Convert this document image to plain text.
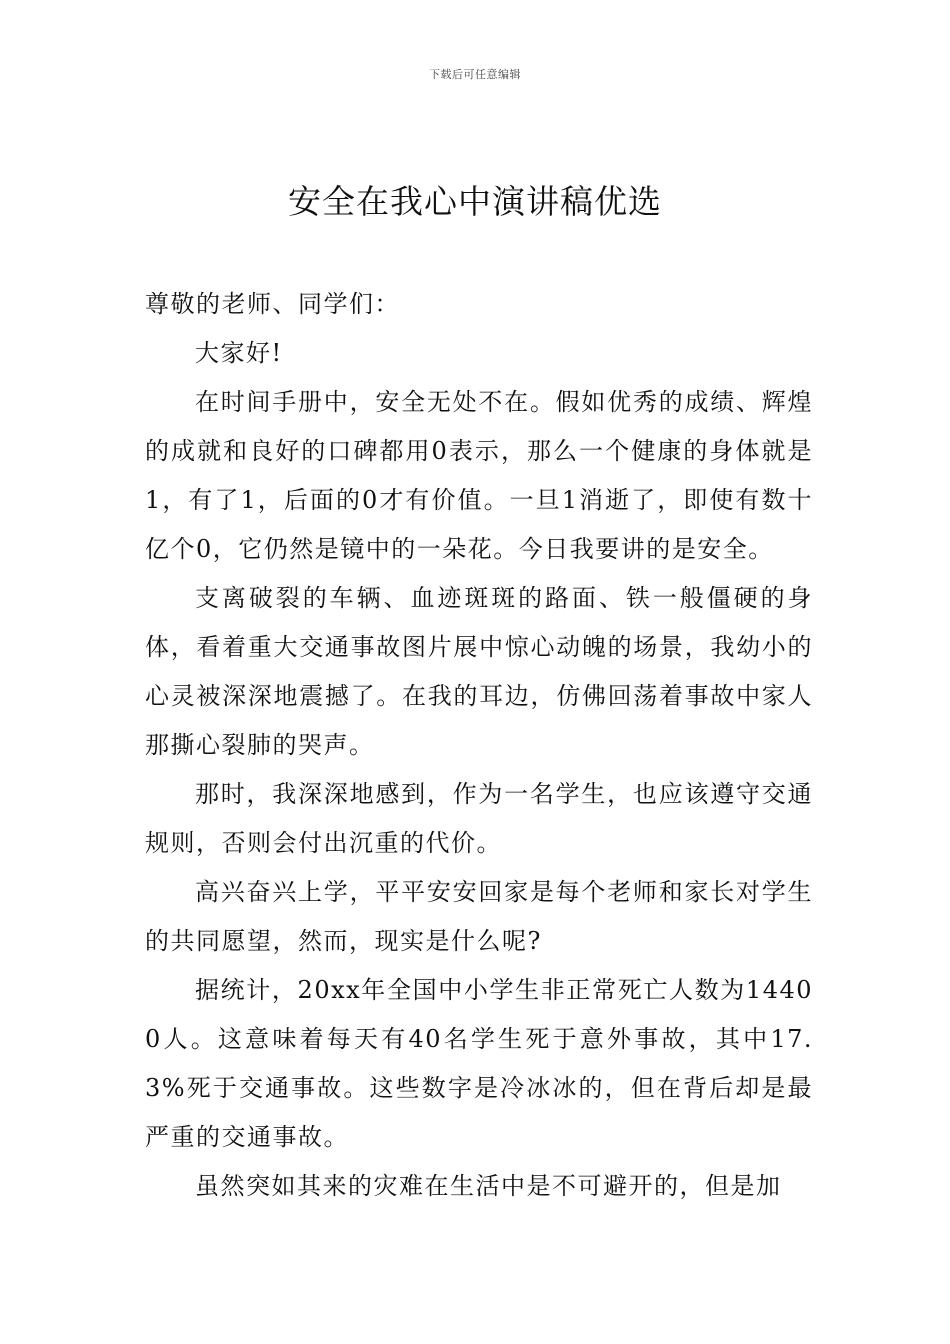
下载后可任意编辑
安全在我心中演讲稿优选

尊敬的老师、同学们：

大家好!

在时间手册中，安全无处不在。假如优秀的成绩、辉煌的成就和良好的口碑都用0表示，那么一个健康的身体就是1，有了1，后面的0才有价值。一旦1消逝了，即使有数十亿个0，它仍然是镜中的一朵花。今日我要讲的是安全。

支离破裂的车辆、血迹斑斑的路面、铁一般僵硬的身体，看着重大交通事故图片展中惊心动魄的场景，我幼小的心灵被深深地震撼了。在我的耳边，仿佛回荡着事故中家人那撕心裂肺的哭声。

那时，我深深地感到，作为一名学生，也应该遵守交通规则，否则会付出沉重的代价。

高兴奋兴上学，平平安安回家是每个老师和家长对学生的共同愿望，然而，现实是什么呢?

据统计，20xx年全国中小学生非正常死亡人数为14400人。这意味着每天有40名学生死于意外事故，其中17.3%死于交通事故。这些数字是冷冰冰的，但在背后却是最严重的交通事故。

虽然突如其来的灾难在生活中是不可避开的，但是加
